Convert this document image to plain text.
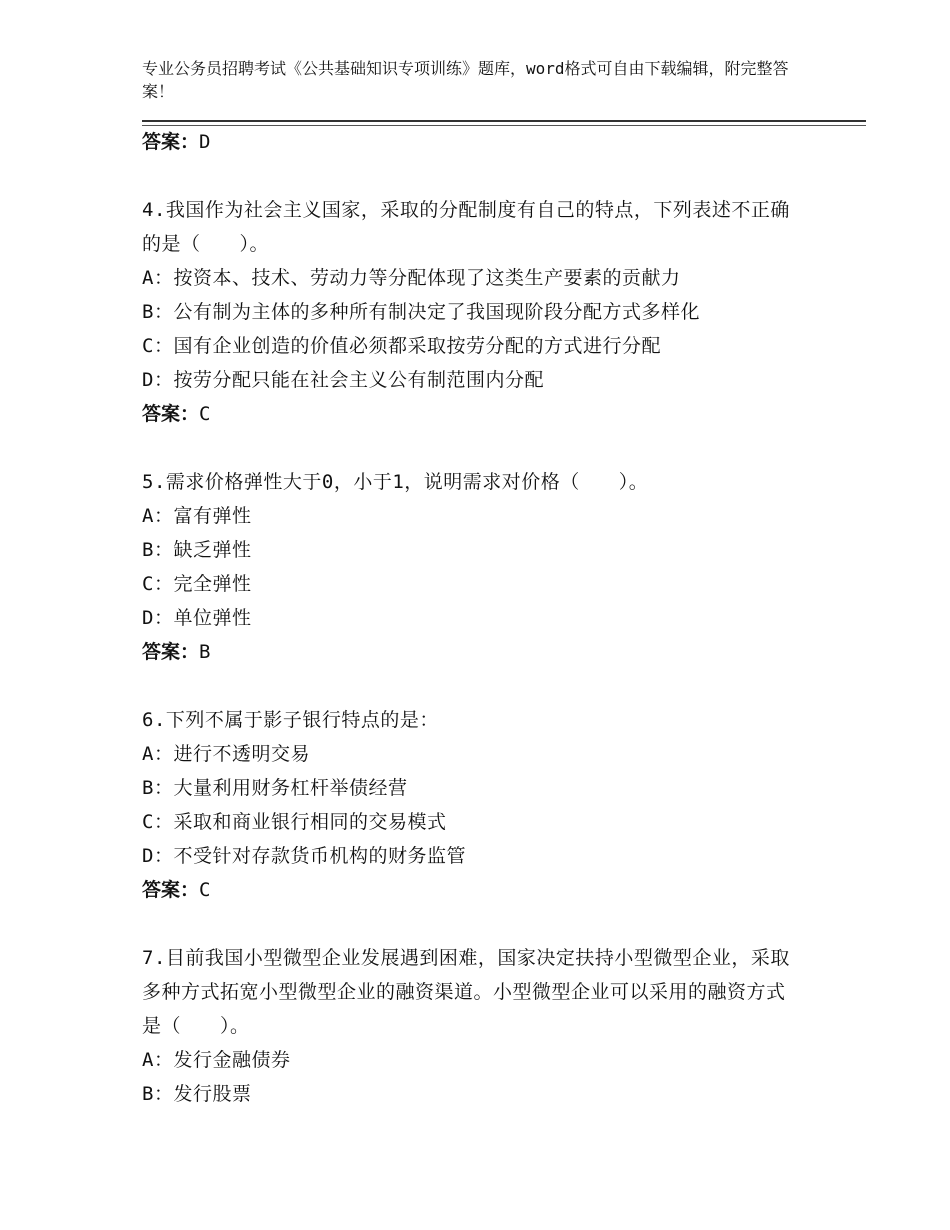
专业公务员招聘考试《公共基础知识专项训练》题库，word格式可自由下载编辑，附完整答案！
答案：D
4.我国作为社会主义国家，采取的分配制度有自己的特点，下列表述不正确的是（　　）。
A：按资本、技术、劳动力等分配体现了这类生产要素的贡献力
B：公有制为主体的多种所有制决定了我国现阶段分配方式多样化
C：国有企业创造的价值必须都采取按劳分配的方式进行分配
D：按劳分配只能在社会主义公有制范围内分配
答案：C
5.需求价格弹性大于0，小于1，说明需求对价格（　　）。
A：富有弹性
B：缺乏弹性
C：完全弹性
D：单位弹性
答案：B
6.下列不属于影子银行特点的是：
A：进行不透明交易
B：大量利用财务杠杆举债经营
C：采取和商业银行相同的交易模式
D：不受针对存款货币机构的财务监管
答案：C
7.目前我国小型微型企业发展遇到困难，国家决定扶持小型微型企业，采取多种方式拓宽小型微型企业的融资渠道。小型微型企业可以采用的融资方式是（　　）。
A：发行金融债券
B：发行股票
